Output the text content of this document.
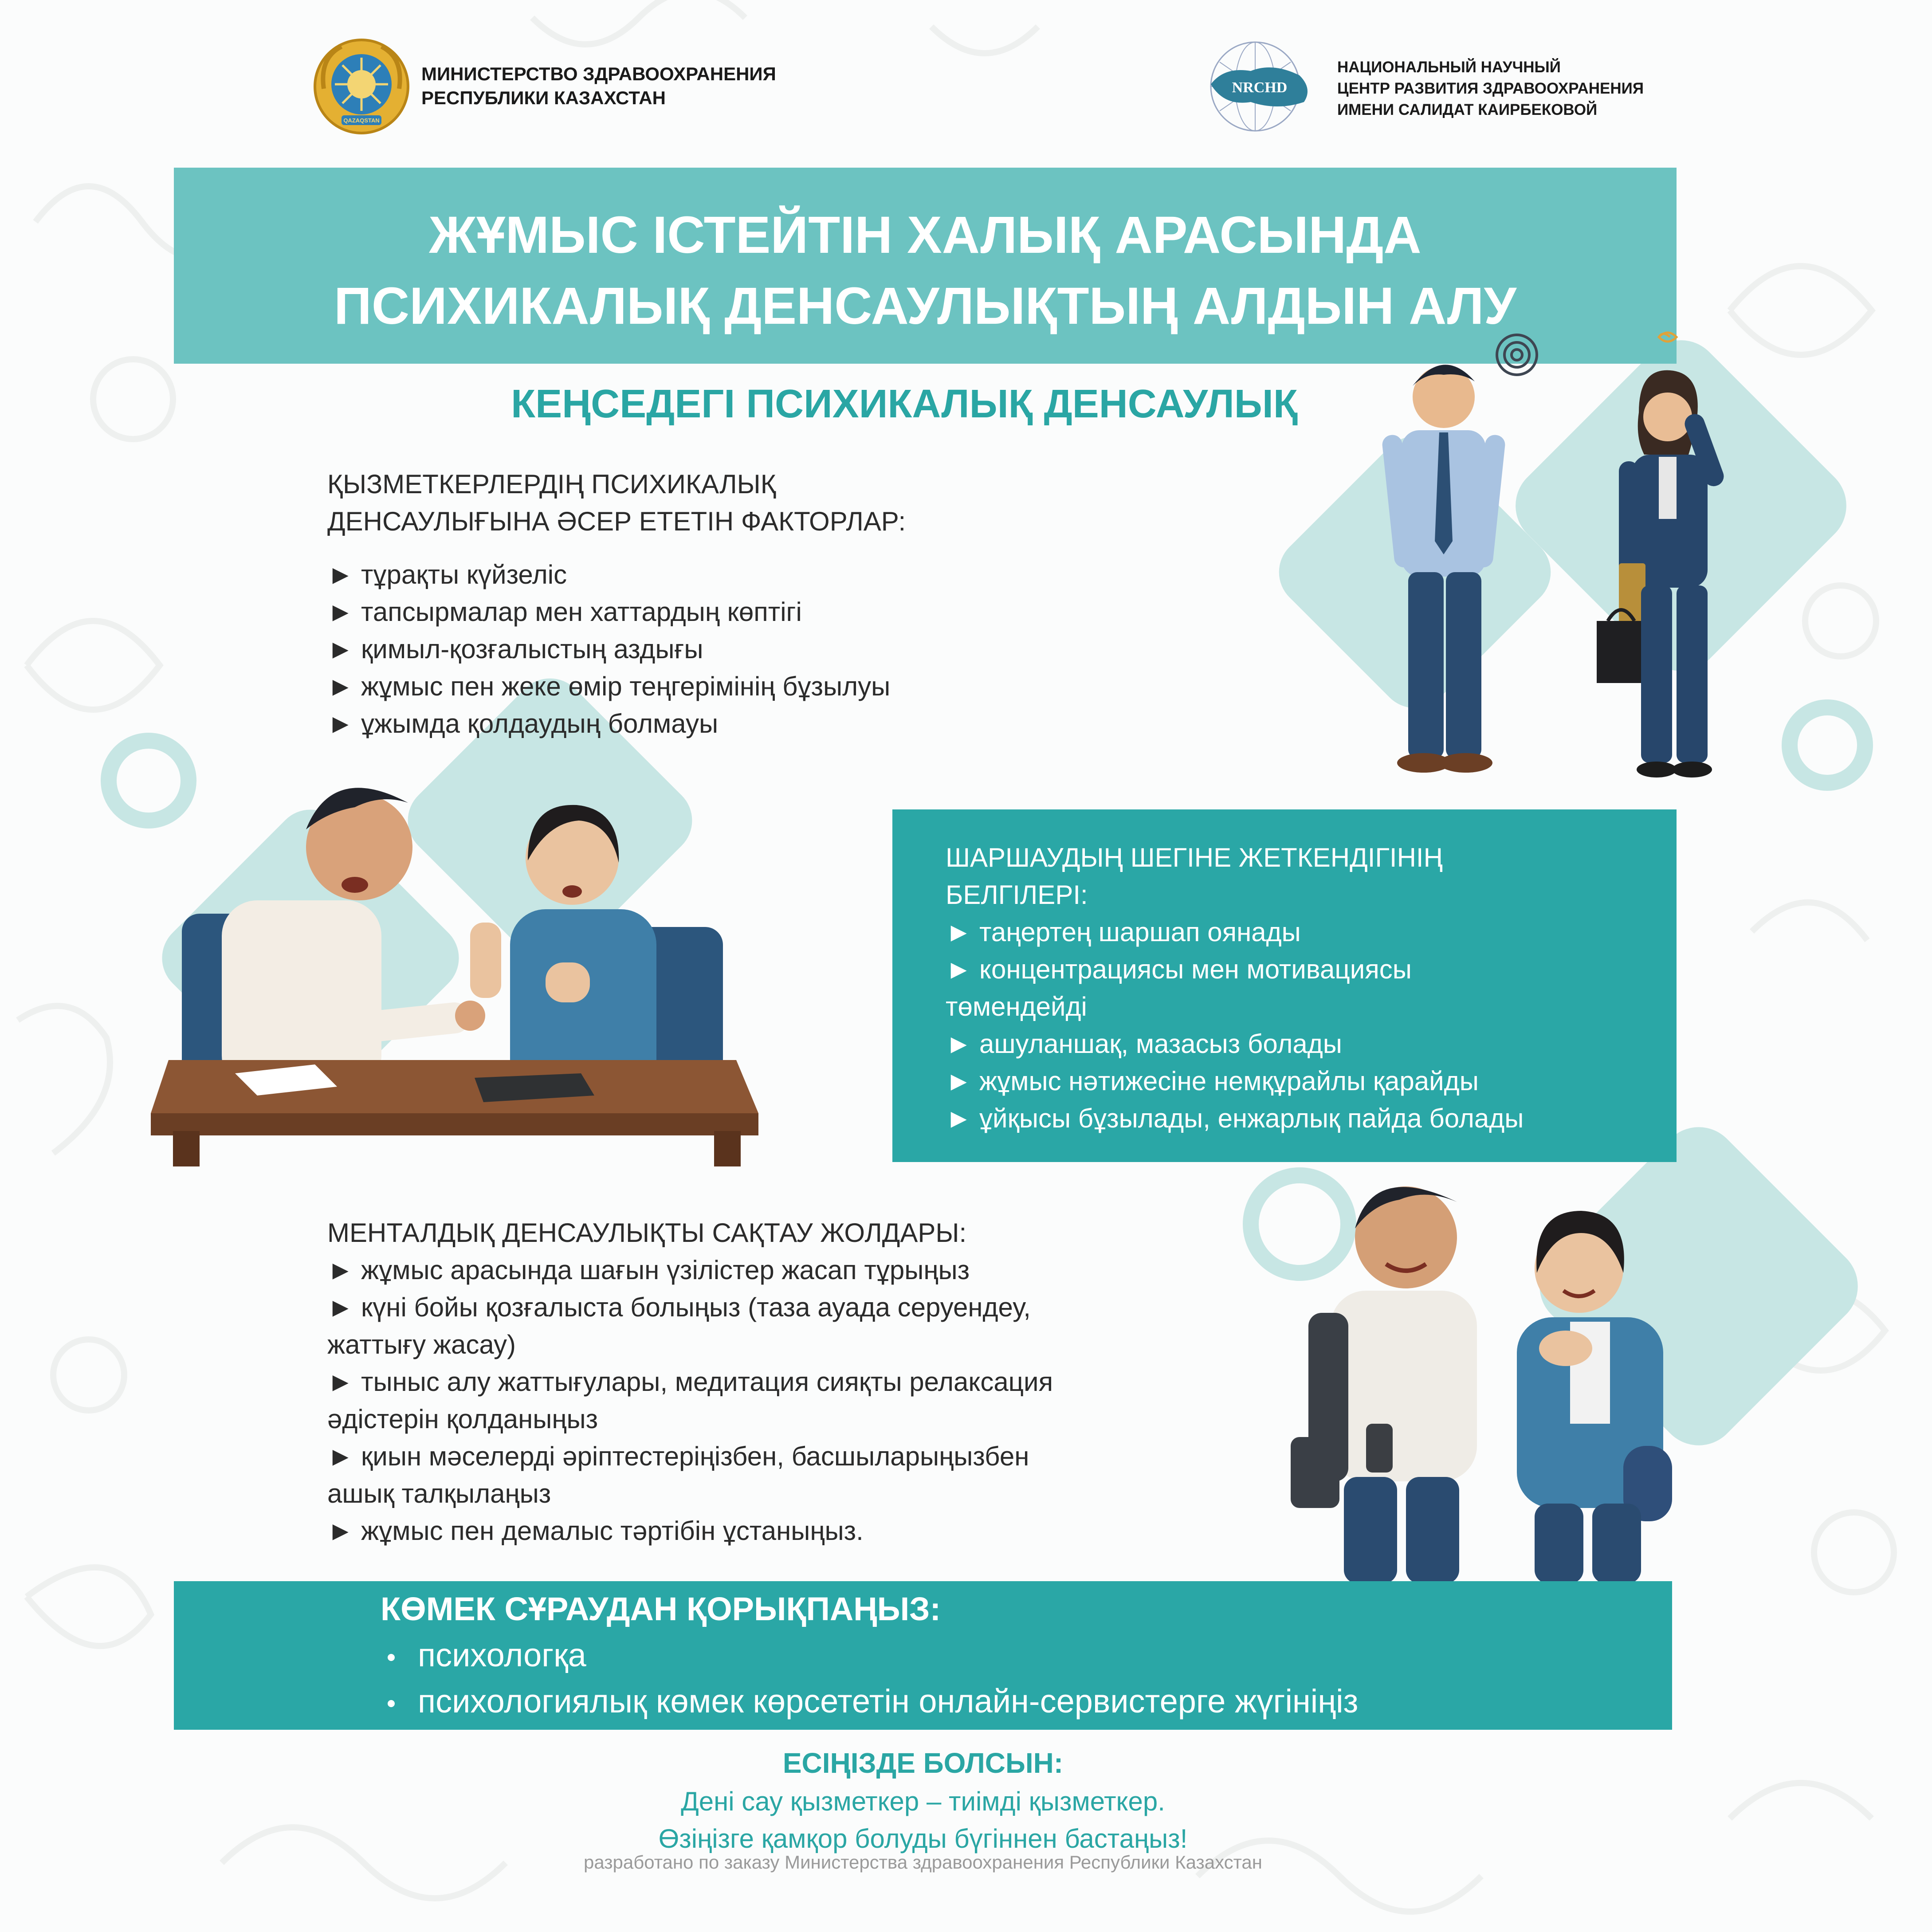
QAZAQSTAN
МИНИСТЕРСТВО ЗДРАВООХРАНЕНИЯ
РЕСПУБЛИКИ КАЗАХСТАН	NRCHD
НАЦИОНАЛЬНЫЙ НАУЧНЫЙ
ЦЕНТР РАЗВИТИЯ ЗДРАВООХРАНЕНИЯ
ИМЕНИ САЛИДАТ КАИРБЕКОВОЙ
ЖҰМЫС ІСТЕЙТІН ХАЛЫҚ АРАСЫНДА
ПСИХИКАЛЫҚ ДЕНСАУЛЫҚТЫҢ АЛДЫН АЛУ
КЕҢСЕДЕГІ ПСИХИКАЛЫҚ ДЕНСАУЛЫҚ
ҚЫЗМЕТКЕРЛЕРДІҢ ПСИХИКАЛЫҚ
ДЕНСАУЛЫҒЫНА ӘСЕР ЕТЕТІН ФАКТОРЛАР:
► тұрақты күйзеліс
► тапсырмалар мен хаттардың көптігі
► қимыл-қозғалыстың аздығы
► жұмыс пен жеке өмір теңгерімінің бұзылуы
► ұжымда қолдаудың болмауы
ШАРШАУДЫҢ ШЕГІНЕ ЖЕТКЕНДІГІНІҢ
БЕЛГІЛЕРІ:
► таңертең шаршап оянады
► концентрациясы мен мотивациясы
төмендейді
► ашуланшақ, мазасыз болады
► жұмыс нәтижесіне немқұрайлы қарайды
► ұйқысы бұзылады, енжарлық пайда болады
МЕНТАЛДЫҚ ДЕНСАУЛЫҚТЫ САҚТАУ ЖОЛДАРЫ:
► жұмыс арасында шағын үзілістер жасап тұрыңыз
► күні бойы қозғалыста болыңыз (таза ауада серуендеу,
жаттығу жасау)
► тыныс алу жаттығулары, медитация сияқты релаксация
әдістерін қолданыңыз
► қиын мәселерді әріптестеріңізбен, басшыларыңызбен
ашық талқылаңыз
► жұмыс пен демалыс тәртібін ұстаныңыз.
КӨМЕК СҰРАУДАН ҚОРЫҚПАҢЫЗ:
психологқа
психологиялық көмек көрсететін онлайн-сервистерге жүгініңіз
ЕСІҢІЗДЕ БОЛСЫН:
Дені сау қызметкер – тиімді қызметкер.
Өзіңізге қамқор болуды бүгіннен бастаңыз!
разработано по заказу Министерства здравоохранения Республики Казахстан
